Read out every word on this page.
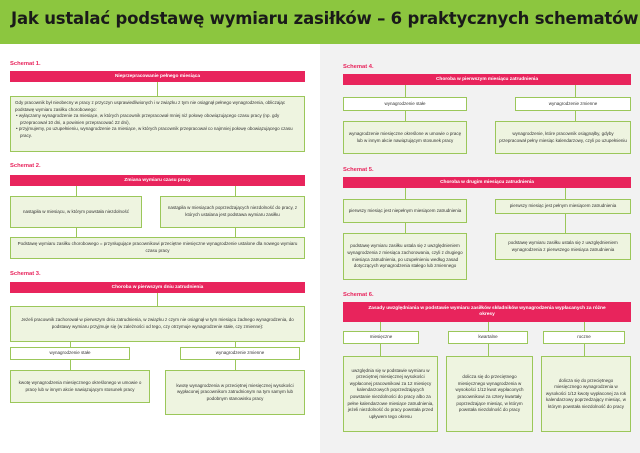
Jak ustalać podstawę wymiaru zasiłków – 6 praktycznych schematów
Schemat 1.
Nieprzepracowanie pełnego miesiąca
Gdy pracownik był nieobecny w pracy z przyczyn usprawiedliwionych i w związku z tym nie osiągnął pełnego wynagrodzenia, obliczając podstawę wymiaru zasiłku chorobowego:
• wyłączamy wynagrodzenie za miesiące, w których pracownik przepracował mniej niż połowę obowiązującego czasu pracy (np. gdy przepracował 10 dni, a powinien przepracować 22 dni),
• przyjmujemy, po uzupełnieniu, wynagrodzenie za miesiące, w których pracownik przepracował co najmniej połowę obowiązującego czasu pracy.
Schemat 2.
Zmiana wymiaru czasu pracy
nastąpiła w miesiącu, w którym powstała niezdolność
nastąpiła w miesiącach poprzedzających niezdolność do pracy, z których ustalana jest podstawa wymiaru zasiłku
Podstawę wymiaru zasiłku chorobowego = przysługujące pracownikowi przeciętne miesięczne wynagrodzenie ustalone dla nowego wymiaru czasu pracy
Schemat 3.
Choroba w pierwszym dniu zatrudnienia
Jeżeli pracownik zachorował w pierwszym dniu zatrudnienia, w związku z czym nie osiągnął w tym miesiącu żadnego wynagrodzenia, do podstawy wymiaru przyjmuje się (w zależności od tego, czy otrzymuje wynagrodzenie stałe, czy zmienne):
wynagrodzenie stałe	wynagrodzenie zmienne
kwotę wynagrodzenia miesięcznego określonego w umowie o pracę lub w innym akcie nawiązującym stosunek pracy
kwotę wynagrodzenia w przeciętnej miesięcznej wysokości wypłaconej pracownikom zatrudnionym na tym samym lub podobnym stanowisku pracy
Schemat 4.
Choroba w pierwszym miesiącu zatrudnienia
wynagrodzenie stałe	wynagrodzenie zmienne
wynagrodzenie miesięczne określone w umowie o pracę lub w innym akcie nawiązującym stosunek pracy
wynagrodzenie, które pracownik osiągnąłby, gdyby przepracował pełny miesiąc kalendarzowy, czyli po uzupełnieniu
Schemat 5.
Choroba w drugim miesiącu zatrudnienia
pierwszy miesiąc jest niepełnym miesiącem zatrudnienia
pierwszy miesiąc jest pełnym miesiącem zatrudnienia
podstawę wymiaru zasiłku ustala się z uwzględnieniem wynagrodzenia z miesiąca zachorowania, czyli z drugiego miesiąca zatrudnienia, po uzupełnieniu według zasad dotyczących wynagrodzenia stałego lub zmiennego
podstawę wymiaru zasiłku ustala się z uwzględnieniem wynagrodzenia z pierwszego miesiąca zatrudnienia
Schemat 6.
Zasady uwzględniania w podstawie wymiaru zasiłków składników wynagrodzenia wypłacanych za różne okresy
miesięczne	kwartalne	roczne
uwzględnia się w podstawie wymiaru w przeciętnej miesięcznej wysokości wypłaconej pracownikowi za 12 miesięcy kalendarzowych poprzedzających powstanie niezdolności do pracy albo za pełne kalendarzowe miesiące zatrudnienia, jeżeli niezdolność do pracy powstała przed upływem tego okresu
dolicza się do przeciętnego miesięcznego wynagrodzenia w wysokości 1/12 kwot wypłaconych pracownikowi za cztery kwartały poprzedzające miesiąc, w którym powstała niezdolność do pracy
dolicza się do przeciętnego miesięcznego wynagrodzenia w wysokości 1/12 kwoty wypłaconej za rok kalendarzowy poprzedzający miesiąc, w którym powstała niezdolność do pracy
